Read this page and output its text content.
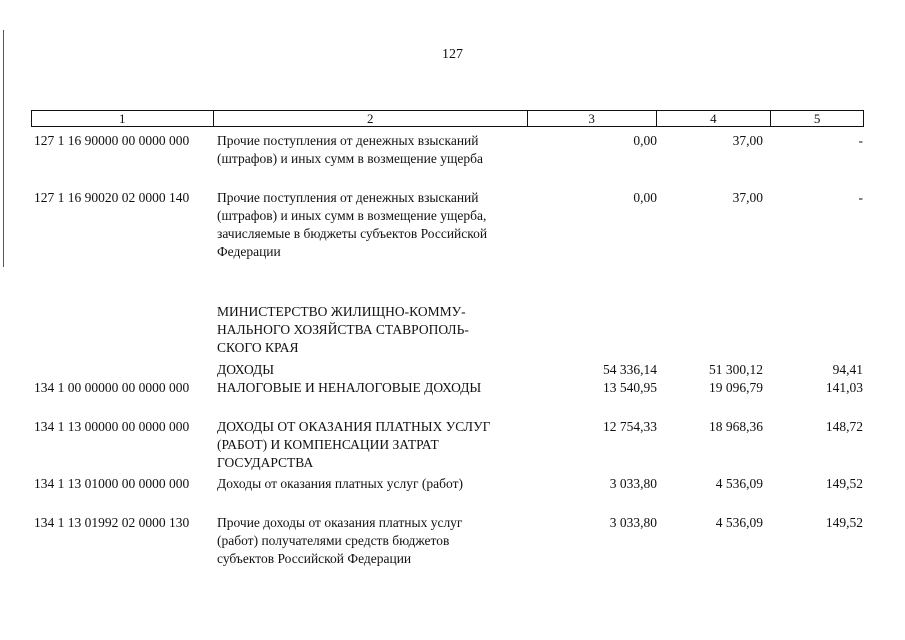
127
1	2	3	4	5
127 1 16 90000 00 0000 000 Прочие поступления от денежных взысканий
(штрафов) и иных сумм в возмещение ущерба
0,00	37,00	-
127 1 16 90020 02 0000 140 Прочие поступления от денежных взысканий
(штрафов) и иных сумм в возмещение ущерба,
зачисляемые в бюджеты субъектов Российской
Федерации
0,00	37,00	-
МИНИСТЕРСТВО ЖИЛИЩНО-КОММУ-
НАЛЬНОГО ХОЗЯЙСТВА СТАВРОПОЛЬ-
СКОГО КРАЯ
ДОХОДЫ	54 336,14	51 300,12	94,41
134 1 00 00000 00 0000 000 НАЛОГОВЫЕ И НЕНАЛОГОВЫЕ ДОХОДЫ	13 540,95	19 096,79	141,03
134 1 13 00000 00 0000 000 ДОХОДЫ ОТ ОКАЗАНИЯ ПЛАТНЫХ УСЛУГ
(РАБОТ) И КОМПЕНСАЦИИ ЗАТРАТ
ГОСУДАРСТВА
12 754,33	18 968,36	148,72
134 1 13 01000 00 0000 000 Доходы от оказания платных услуг (работ)	3 033,80	4 536,09	149,52
134 1 13 01992 02 0000 130 Прочие доходы от оказания платных услуг
(работ) получателями средств бюджетов
субъектов Российской Федерации
3 033,80	4 536,09	149,52
